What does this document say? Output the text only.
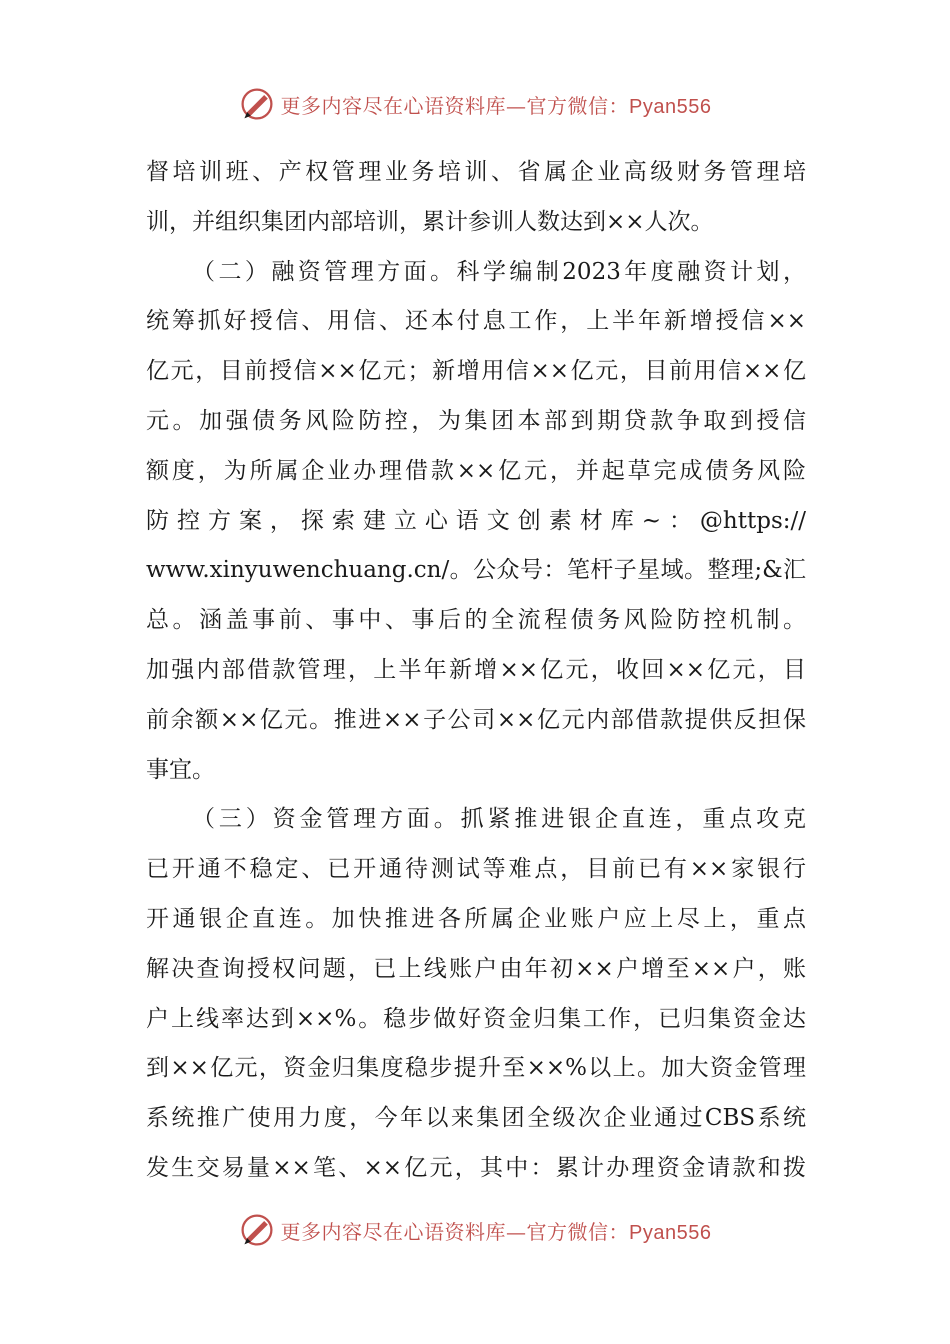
更多内容尽在心语资料库—官方微信：Pyan556
督培训班、产权管理业务培训、省属企业高级财务管理培
训，并组织集团内部培训，累计参训人数达到××人次。
（二）融资管理方面。科学编制2023年度融资计划，
统筹抓好授信、用信、还本付息工作，上半年新增授信××
亿元，目前授信××亿元；新增用信××亿元，目前用信××亿
元。加强债务风险防控，为集团本部到期贷款争取到授信
额度，为所属企业办理借款××亿元，并起草完成债务风险
防控方案，探索建立心语文创素材库~：@https://
www.xinyuwenchuang.cn/。公众号：笔杆子星域。整理;&汇
总。涵盖事前、事中、事后的全流程债务风险防控机制。
加强内部借款管理，上半年新增××亿元，收回××亿元，目
前余额××亿元。推进××子公司××亿元内部借款提供反担保
事宜。
（三）资金管理方面。抓紧推进银企直连，重点攻克
已开通不稳定、已开通待测试等难点，目前已有××家银行
开通银企直连。加快推进各所属企业账户应上尽上，重点
解决查询授权问题，已上线账户由年初××户增至××户，账
户上线率达到××%。稳步做好资金归集工作，已归集资金达
到××亿元，资金归集度稳步提升至××%以上。加大资金管理
系统推广使用力度，今年以来集团全级次企业通过CBS系统
发生交易量××笔、××亿元，其中：累计办理资金请款和拨
更多内容尽在心语资料库—官方微信：Pyan556
